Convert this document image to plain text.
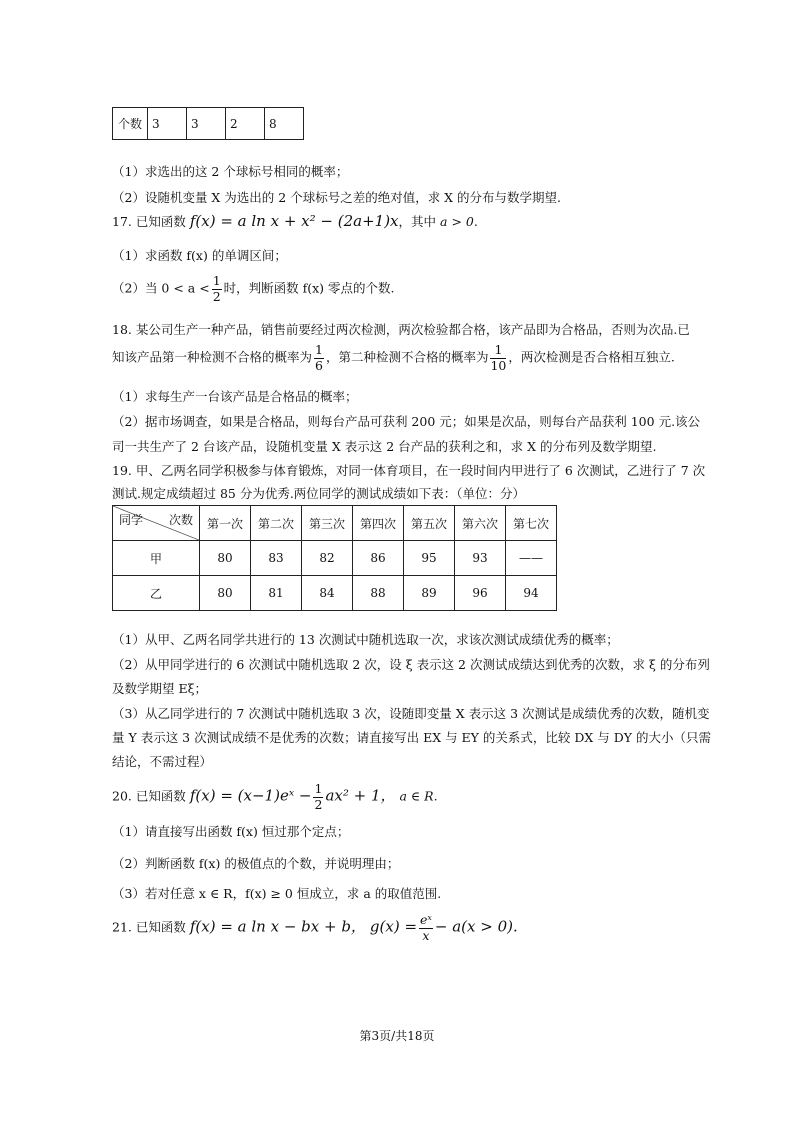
个数	3	3	2	8
（1）求选出的这 2 个球标号相同的概率；
（2）设随机变量 X 为选出的 2 个球标号之差的绝对值，求 X 的分布与数学期望.
17. 已知函数 f(x) = a ln x + x² − (2a+1)x，其中 a > 0.
（1）求函数 f(x) 的单调区间；
（2）当 $0 < a < \frac{1}{2}$ 时，判断函数 f(x) 零点的个数.
18. 某公司生产一种产品，销售前要经过两次检测，两次检验都合格，该产品即为合格品，否则为次品.已
知该产品第一种检测不合格的概率为 $\frac{1}{6}$ ，第二种检测不合格的概率为 $\frac{1}{10}$ ，两次检测是否合格相互独立.
（1）求每生产一台该产品是合格品的概率；
（2）据市场调查，如果是合格品，则每台产品可获利 200 元；如果是次品，则每台产品获利 100 元.该公
司一共生产了 2 台该产品，设随机变量 X 表示这 2 台产品的获利之和，求 X 的分布列及数学期望.
19. 甲、乙两名同学积极参与体育锻炼，对同一体育项目，在一段时间内甲进行了 6 次测试，乙进行了 7 次
测试.规定成绩超过 85 分为优秀.两位同学的测试成绩如下表：（单位：分）
同学 次数	第一次	第二次	第三次	第四次	第五次	第六次	第七次
甲	80	83	82	86	95	93	——
乙	80	81	84	88	89	96	94
（1）从甲、乙两名同学共进行的 13 次测试中随机选取一次，求该次测试成绩优秀的概率；
（2）从甲同学进行的 6 次测试中随机选取 2 次，设 ξ 表示这 2 次测试成绩达到优秀的次数，求 ξ 的分布列
及数学期望 Eξ；
（3）从乙同学进行的 7 次测试中随机选取 3 次，设随即变量 X 表示这 3 次测试是成绩优秀的次数，随机变
量 Y 表示这 3 次测试成绩不是优秀的次数；请直接写出 EX 与 EY 的关系式，比较 DX 与 DY 的大小（只需
结论，不需过程）
20. 已知函数 f(x) = (x−1)eˣ − $\frac{1}{2} ax^2 + 1$， a ∈ R.
（1）请直接写出函数 f(x) 恒过那个定点；
（2）判断函数 f(x) 的极值点的个数，并说明理由；
（3）若对任意 x ∈ R，f(x) ≥ 0 恒成立，求 a 的取值范围.
21. 已知函数 f(x) = a ln x − bx + b， $g(x) = \frac{\text{eˣ}}{x} - a(x > 0)$.
第3页/共18页
